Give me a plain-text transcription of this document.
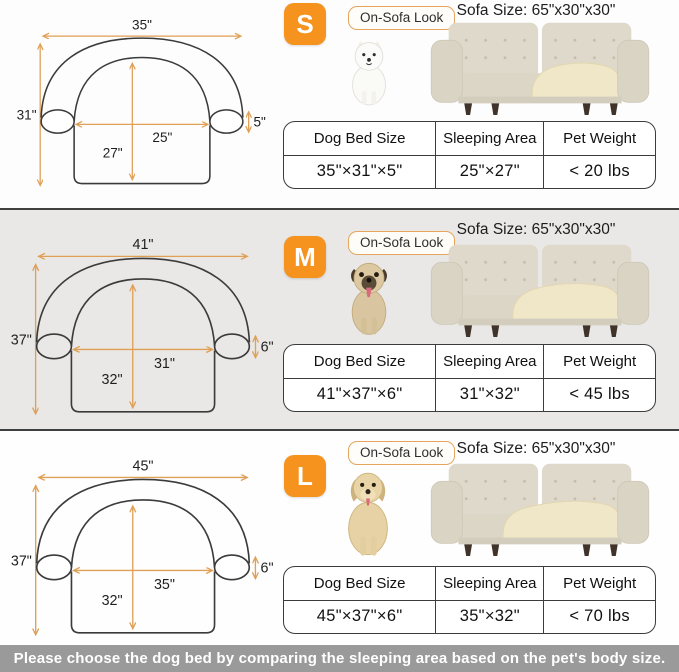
35"
31"
25"
27"
5"
S	On-Sofa Look Sofa Size: 65"x30"x30"
Dog Bed Size	Sleeping Area	Pet Weight
35"×31"×5"	25"×27"	< 20 lbs
41"
37"
31"
32"
6"
M	On-Sofa Look
Sofa Size: 65"x30"x30"
Dog Bed Size	Sleeping Area	Pet Weight
41"×37"×6"	31"×32"	< 45 lbs
45"
37"
35"
32"
6"
L
On-Sofa Look Sofa Size: 65"x30"x30"
Dog Bed Size	Sleeping Area	Pet Weight
45"×37"×6"	35"×32"	< 70 lbs
Please choose the dog bed by comparing the sleeping area based on the pet's body size.
